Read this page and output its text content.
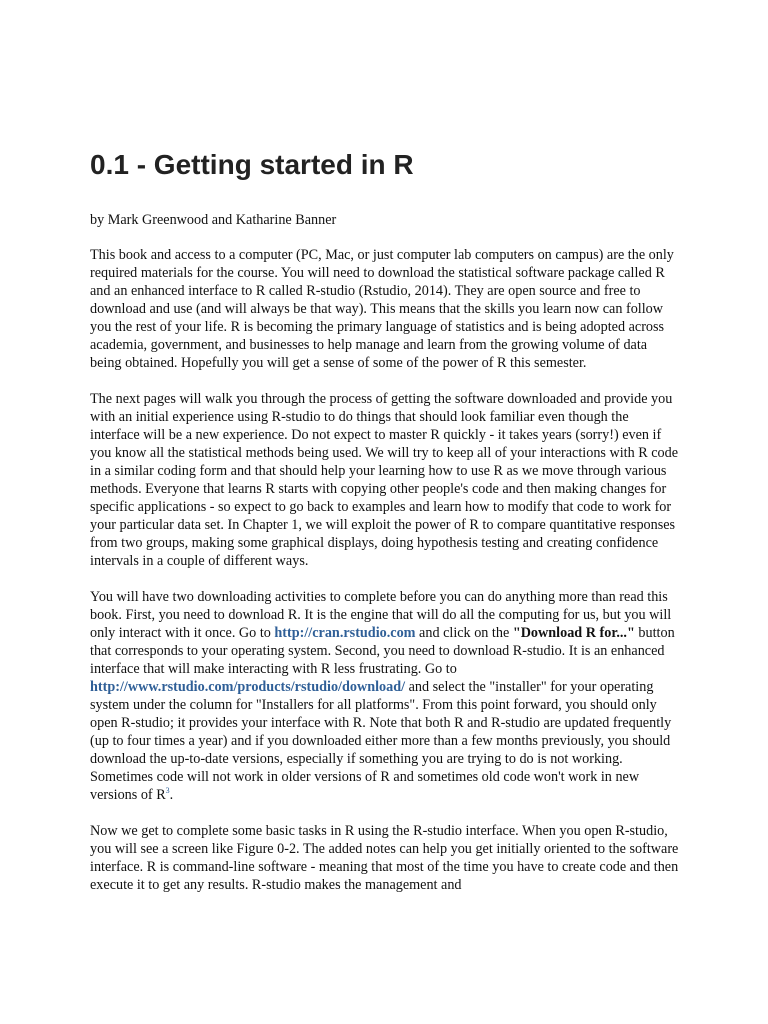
0.1 - Getting started in R
by Mark Greenwood and Katharine Banner

This book and access to a computer (PC, Mac, or just computer lab computers on campus) are the only required materials for the course. You will need to download the statistical software package called R and an enhanced interface to R called R-studio (Rstudio, 2014). They are open source and free to download and use (and will always be that way). This means that the skills you learn now can follow you the rest of your life. R is becoming the primary language of statistics and is being adopted across academia, government, and businesses to help manage and learn from the growing volume of data being obtained. Hopefully you will get a sense of some of the power of R this semester.

The next pages will walk you through the process of getting the software downloaded and provide you with an initial experience using R-studio to do things that should look familiar even though the interface will be a new experience. Do not expect to master R quickly - it takes years (sorry!) even if you know all the statistical methods being used. We will try to keep all of your interactions with R code in a similar coding form and that should help your learning how to use R as we move through various methods. Everyone that learns R starts with copying other people's code and then making changes for specific applications - so expect to go back to examples and learn how to modify that code to work for your particular data set. In Chapter 1, we will exploit the power of R to compare quantitative responses from two groups, making some graphical displays, doing hypothesis testing and creating confidence intervals in a couple of different ways.

You will have two downloading activities to complete before you can do anything more than read this book. First, you need to download R. It is the engine that will do all the computing for us, but you will only interact with it once. Go to http://cran.rstudio.com and click on the "Download R for..." button that corresponds to your operating system. Second, you need to download R-studio. It is an enhanced interface that will make interacting with R less frustrating. Go to http://www.rstudio.com/products/rstudio/download/ and select the "installer" for your operating system under the column for "Installers for all platforms". From this point forward, you should only open R-studio; it provides your interface with R. Note that both R and R-studio are updated frequently (up to four times a year) and if you downloaded either more than a few months previously, you should download the up-to-date versions, especially if something you are trying to do is not working. Sometimes code will not work in older versions of R and sometimes old code won't work in new versions of $R^3$.

Now we get to complete some basic tasks in R using the R-studio interface. When you open R-studio, you will see a screen like Figure 0-2. The added notes can help you get initially oriented to the software interface. R is command-line software - meaning that most of the time you have to create code and then execute it to get any results. R-studio makes the management and
